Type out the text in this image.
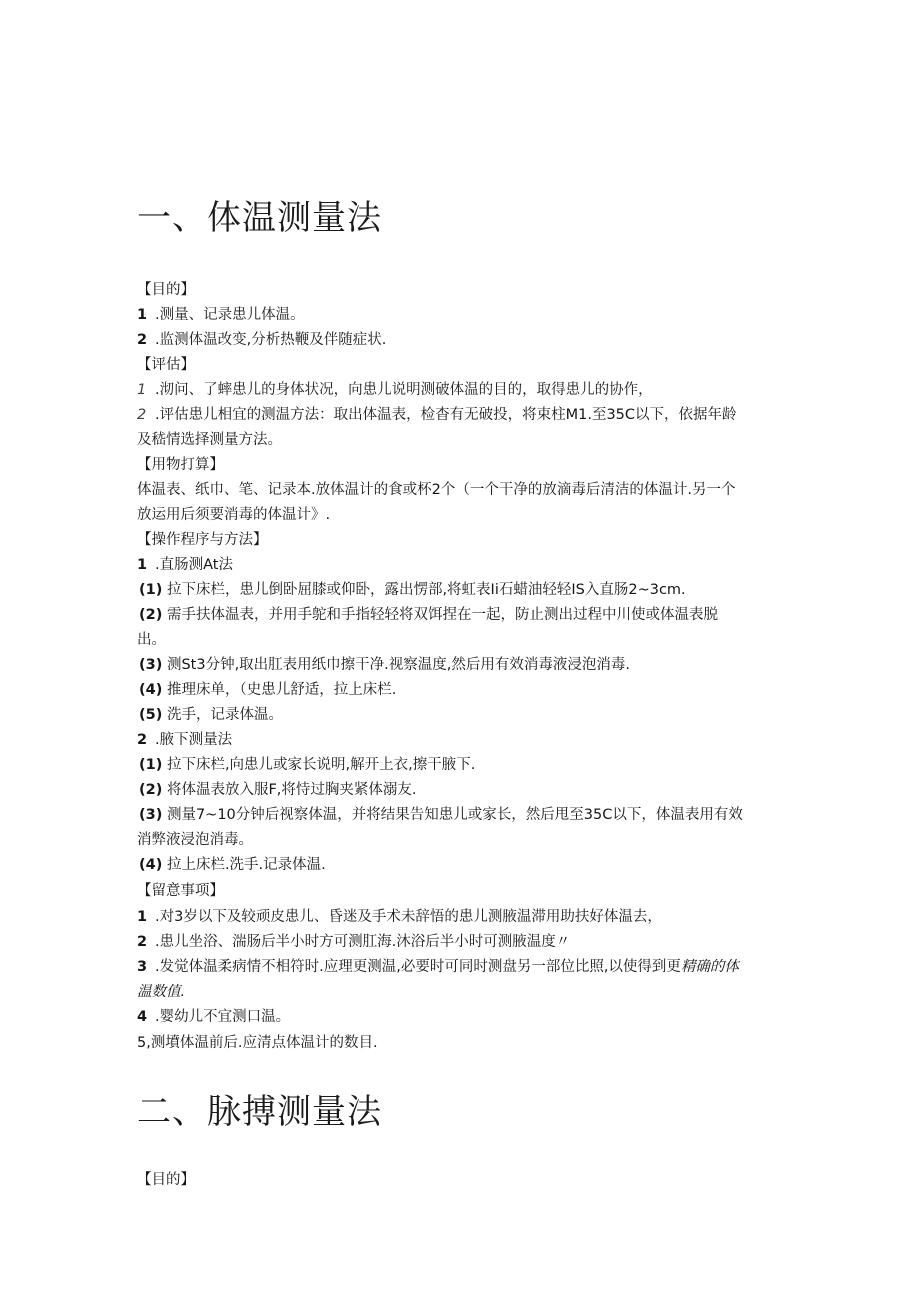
一、体温测量法
【目的】
1 .测量、记录患儿体温。
2 .监测体温改变,分析热鞭及伴随症状.
【评估】
1 .沏问、了蟀患儿的身体状况，向患儿说明测破体温的目的，取得患儿的协作，
2 .评估患儿相宜的测温方法：取出体温表，检杳有无破投，将束柱M1.至35C以下，依据年龄
及嵇情选择测量方法。
【用物打算】
体温表、纸巾、笔、记录本.放体温计的食或杯2个（一个干净的放滴毒后清洁的体温计.另一个
放运用后须要消毒的体温计》.
【操作程序与方法】
1 .直肠测At法
(1) 拉下床栏，患儿倒卧屈膝或仰卧，露出愣部,将虹表Ii石蜡油轻轻IS入直肠2~3cm.
(2) 需手扶体温表，并用手鸵和手指轻轻将双饵捏在一起，防止测出过程中川使或体温表脱
出。
(3) 测St3分钟,取出肛表用纸巾擦干净.视察温度,然后用有效消毒液浸泡消毒.
(4) 推理床单，（史患儿舒适，拉上床栏.
(5) 洗手，记录体温。
2 .腋下测量法
(1) 拉下床栏,向患儿或家长说明,解开上衣,擦干腋下.
(2) 将体温表放入服F,将恃过胸夹紧体溺友.
(3) 测量7~10分钟后视察体温，并将结果告知患儿或家长，然后甩至35C以下，体温表用有效
消弊液浸泡消毒。
(4) 拉上床栏.洗手.记录体温.
【留意事项】
1 .对3岁以下及较顽皮患儿、昏迷及手术未辞悟的患儿测腋温滞用助扶好体温去，
2 .患儿坐浴、湍肠后半小时方可测肛海.沐浴后半小时可测腋温度〃
3 .发觉体温柔病情不相符时.应理更测温,必要时可同时测盘另一部位比照,以使得到更精确的体
温数值.
4 .婴幼儿不宜测口温。
5,测墳体温前后.应清点体温计的数目.
二、脉搏测量法
【目的】
